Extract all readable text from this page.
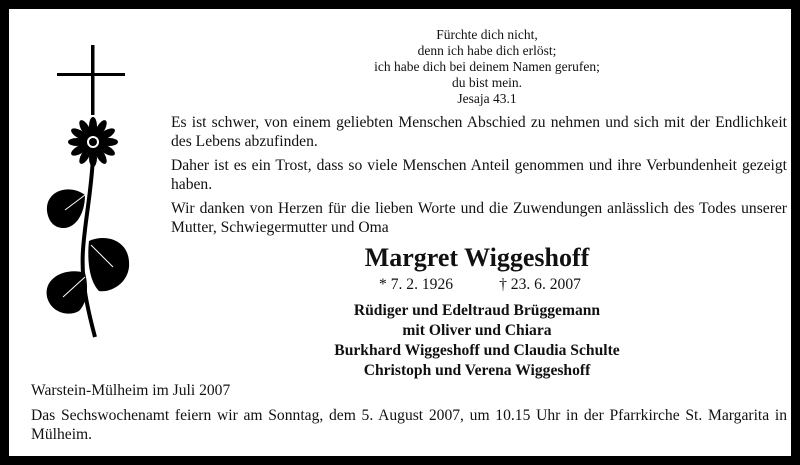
Fürchte dich nicht,
denn ich habe dich erlöst;
ich habe dich bei deinem Namen gerufen;
du bist mein.
Jesaja 43.1

Es ist schwer, von einem geliebten Menschen Abschied zu nehmen und sich mit der Endlichkeit des Lebens abzufinden.

Daher ist es ein Trost, dass so viele Menschen Anteil genommen und ihre Verbundenheit gezeigt haben.

Wir danken von Herzen für die lieben Worte und die Zuwendungen anlässlich des Todes unserer Mutter, Schwiegermutter und Oma

Margret Wiggeshoff
* 7. 2. 1926	† 23. 6. 2007
Rüdiger und Edeltraud Brüggemann
mit Oliver und Chiara
Burkhard Wiggeshoff und Claudia Schulte
Christoph und Verena Wiggeshoff
Warstein-Mülheim im Juli 2007
Das Sechswochenamt feiern wir am Sonntag, dem 5. August 2007, um 10.15 Uhr in der Pfarrkirche St. Margarita in Mülheim.
